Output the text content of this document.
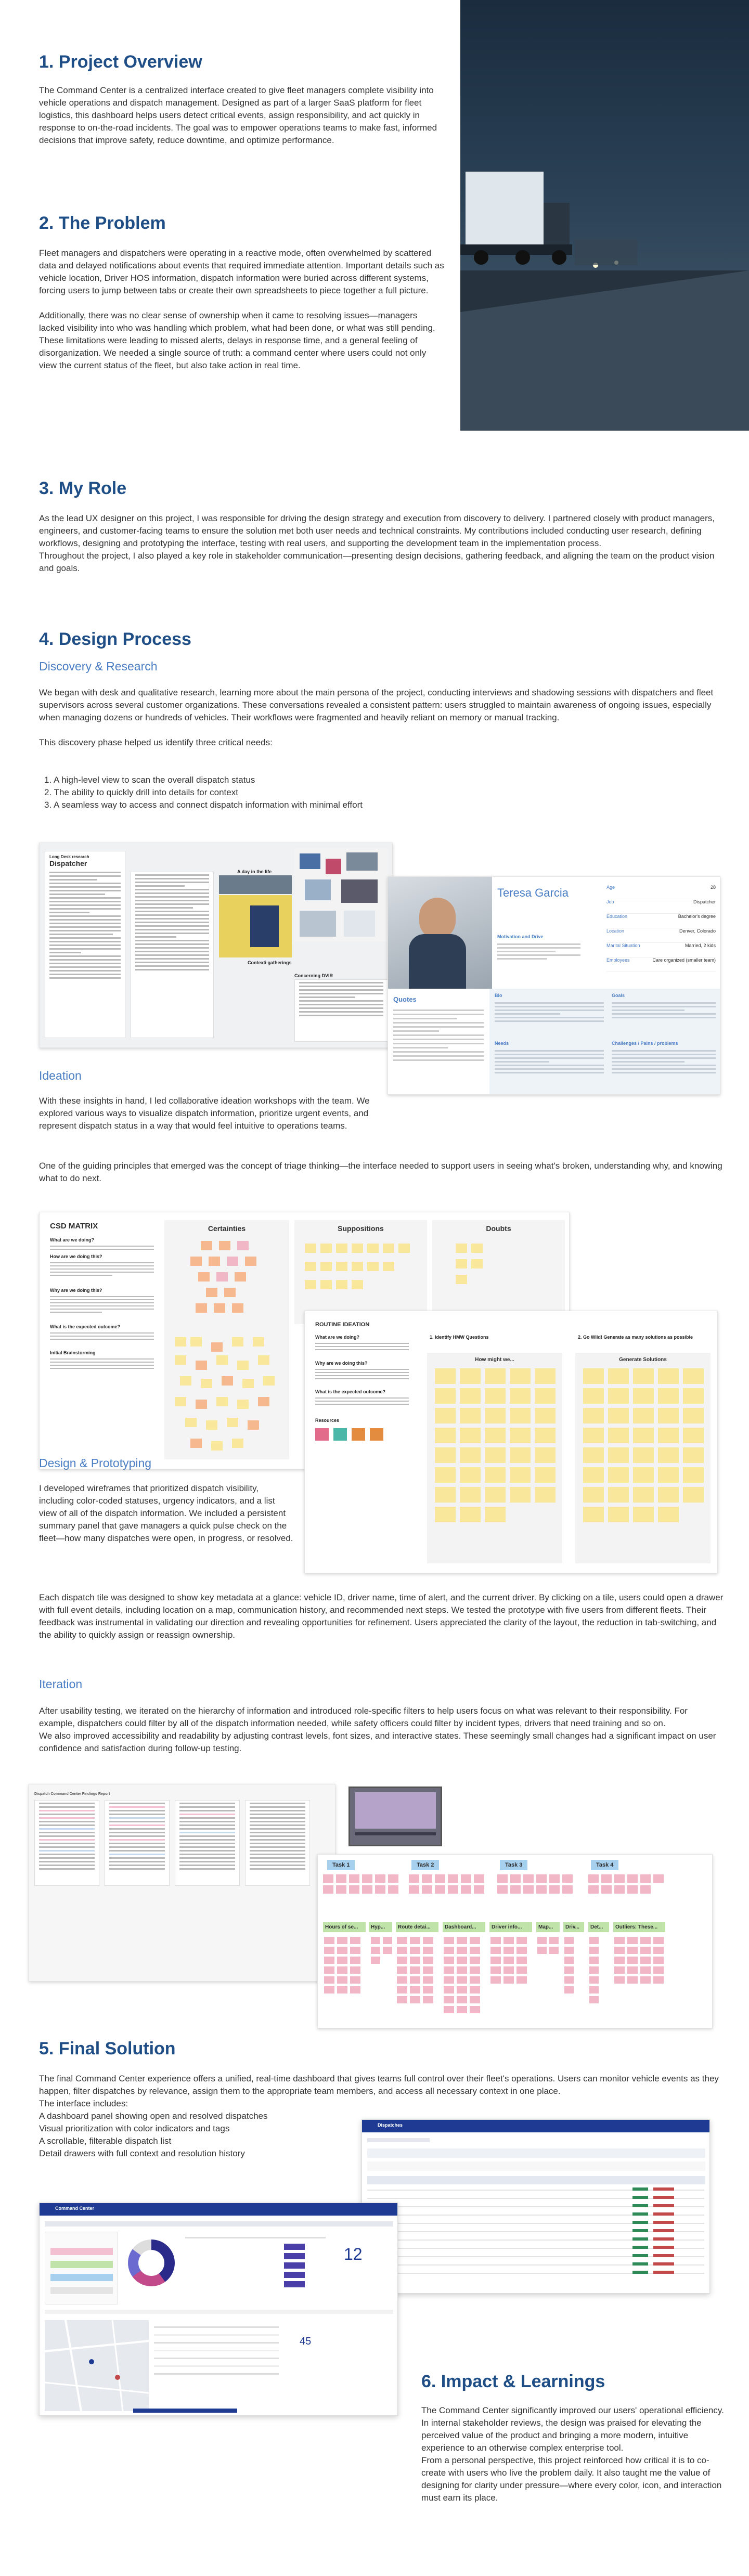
1. Project Overview
The Command Center is a centralized interface created to give fleet managers complete visibility into vehicle operations and dispatch management. Designed as part of a larger SaaS platform for fleet logistics, this dashboard helps users detect critical events, assign responsibility, and act quickly in response to on-the-road incidents. The goal was to empower operations teams to make fast, informed decisions that improve safety, reduce downtime, and optimize performance.
2. The Problem

Fleet managers and dispatchers were operating in a reactive mode, often overwhelmed by scattered data and delayed notifications about events that required immediate attention. Important details such as vehicle location, Driver HOS information, dispatch information were buried across different systems, forcing users to jump between tabs or create their own spreadsheets to piece together a full picture.

Additionally, there was no clear sense of ownership when it came to resolving issues—managers lacked visibility into who was handling which problem, what had been done, or what was still pending. These limitations were leading to missed alerts, delays in response time, and a general feeling of disorganization. We needed a single source of truth: a command center where users could not only view the current status of the fleet, but also take action in real time.

3. My Role

As the lead UX designer on this project, I was responsible for driving the design strategy and execution from discovery to delivery. I partnered closely with product managers, engineers, and customer-facing teams to ensure the solution met both user needs and technical constraints. My contributions included conducting user research, defining workflows, designing and prototyping the interface, testing with real users, and supporting the development team in the implementation process.

Throughout the project, I also played a key role in stakeholder communication—presenting design decisions, gathering feedback, and aligning the team on the product vision and goals.

4. Design Process
Discovery & Research

We began with desk and qualitative research, learning more about the main persona of the project, conducting interviews and shadowing sessions with dispatchers and fleet supervisors across several customer organizations. These conversations revealed a consistent pattern: users struggled to maintain awareness of ongoing issues, especially when managing dozens or hundreds of vehicles. Their workflows were fragmented and heavily reliant on memory or manual tracking.

This discovery phase helped us identify three critical needs:

1. A high-level view to scan the overall dispatch status
2. The ability to quickly drill into details for context
3. A seamless way to access and connect dispatch information with minimal effort
Long Desk research
Dispatcher
A day in the life
Contexti gatherings
Concerning DVIR
Teresa Garcia
Motivation and Drive
Age	28
Job	Dispatcher
Education	Bachelor's degree
Location	Denver, Colorado
Marital Situation	Married, 2 kids
Employees	Care organized (smaller team)
Quotes	Bio	Goals
Needs	Challenges / Pains / problems
Ideation
With these insights in hand, I led collaborative ideation workshops with the team. We explored various ways to visualize dispatch information, prioritize urgent events, and represent dispatch status in a way that would feel intuitive to operations teams.
One of the guiding principles that emerged was the concept of triage thinking—the interface needed to support users in seeing what's broken, understanding why, and knowing what to do next.
CSD MATRIX
What are we doing?
How are we doing this?
Why are we doing this?
What is the expected outcome?
Initial Brainstorming
Certainties	Suppositions	Doubts
ROUTINE IDEATION
What are we doing?
Why are we doing this?
What is the expected outcome?
Resources
1. Identify HMW Questions	2. Go Wild! Generate as many solutions as possible
How might we...	Generate Solutions
Design & Prototyping
I developed wireframes that prioritized dispatch visibility, including color-coded statuses, urgency indicators, and a list view of all of the dispatch information. We included a persistent summary panel that gave managers a quick pulse check on the fleet—how many dispatches were open, in progress, or resolved.
Each dispatch tile was designed to show key metadata at a glance: vehicle ID, driver name, time of alert, and the current driver. By clicking on a tile, users could open a drawer with full event details, including location on a map, communication history, and recommended next steps. We tested the prototype with five users from different fleets. Their feedback was instrumental in validating our direction and revealing opportunities for refinement. Users appreciated the clarity of the layout, the reduction in tab-switching, and the ability to quickly assign or reassign ownership.
Iteration

After usability testing, we iterated on the hierarchy of information and introduced role-specific filters to help users focus on what was relevant to their responsibility. For example, dispatchers could filter by all of the dispatch information needed, while safety officers could filter by incident types, drivers that need training and so on.

We also improved accessibility and readability by adjusting contrast levels, font sizes, and interactive states. These seemingly small changes had a significant impact on user confidence and satisfaction during follow-up testing.

Dispatch Command Center Findings Report
Task 1	Task 2	Task 3	Task 4
Hours of se...	Hyp...	Route detai...	Dashboard...	Driver info...	Map...	Driv...	Det...	Outliers: These...
5. Final Solution

The final Command Center experience offers a unified, real-time dashboard that gives teams full control over their fleet's operations. Users can monitor vehicle events as they happen, filter dispatches by relevance, assign them to the appropriate team members, and access all necessary context in one place.

The interface includes:

A dashboard panel showing open and resolved dispatches

Visual prioritization with color indicators and tags

A scrollable, filterable dispatch list

Detail drawers with full context and resolution history

Dispatches
Command Center
12
45
6. Impact & Learnings

The Command Center significantly improved our users' operational efficiency. In internal stakeholder reviews, the design was praised for elevating the perceived value of the product and bringing a more modern, intuitive experience to an otherwise complex enterprise tool.

From a personal perspective, this project reinforced how critical it is to co-create with users who live the problem daily. It also taught me the value of designing for clarity under pressure—where every color, icon, and interaction must earn its place.
